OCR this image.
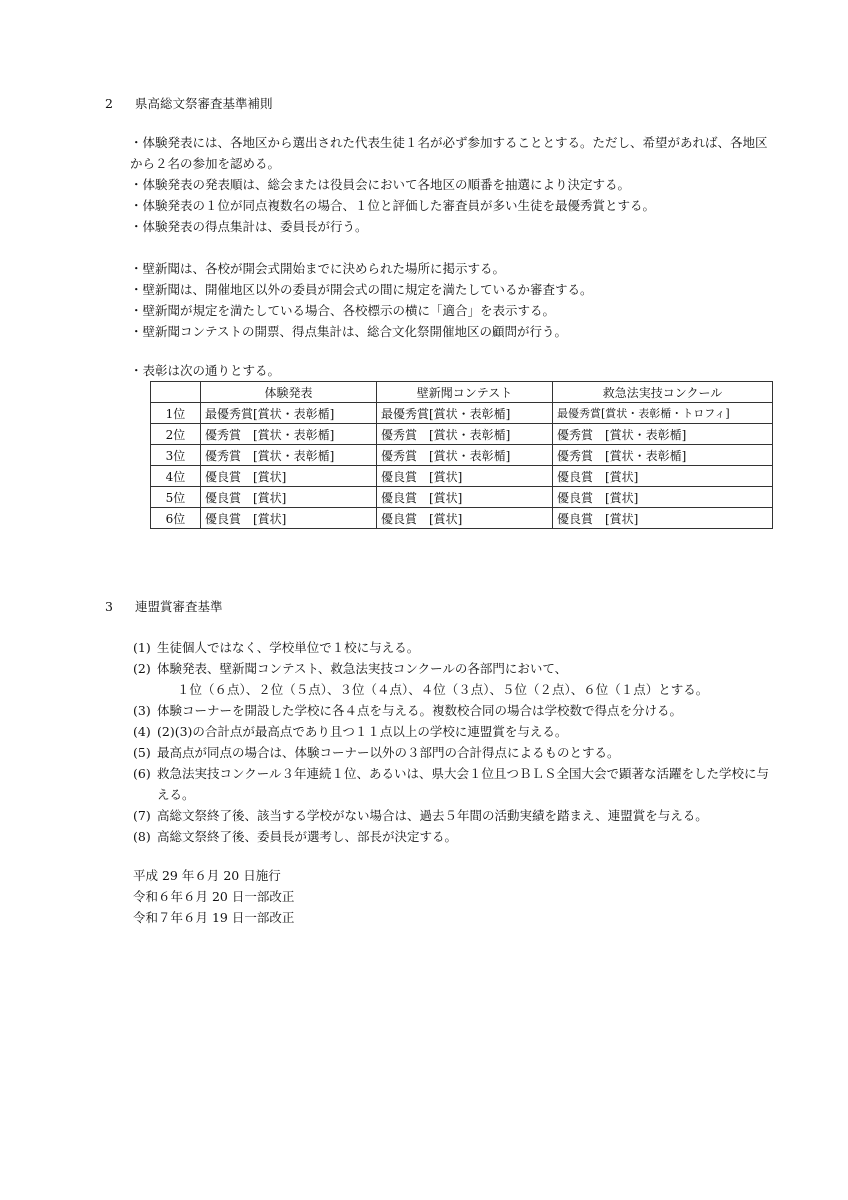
2 県高総文祭審査基準補則
・体験発表には、各地区から選出された代表生徒１名が必ず参加することとする。ただし、希望があれば、各地区から２名の参加を認める。
・体験発表の発表順は、総会または役員会において各地区の順番を抽選により決定する。
・体験発表の１位が同点複数名の場合、１位と評価した審査員が多い生徒を最優秀賞とする。
・体験発表の得点集計は、委員長が行う。
・壁新聞は、各校が開会式開始までに決められた場所に掲示する。
・壁新聞は、開催地区以外の委員が開会式の間に規定を満たしているか審査する。
・壁新聞が規定を満たしている場合、各校標示の横に「適合」を表示する。
・壁新聞コンテストの開票、得点集計は、総合文化祭開催地区の顧問が行う。
・表彰は次の通りとする。
	体験発表	壁新聞コンテスト	救急法実技コンクール
1位	最優秀賞[賞状・表彰楯]	最優秀賞[賞状・表彰楯]	最優秀賞[賞状・表彰楯・トロフィ]
2位	優秀賞　[賞状・表彰楯]	優秀賞　[賞状・表彰楯]	優秀賞　[賞状・表彰楯]
3位	優秀賞　[賞状・表彰楯]	優秀賞　[賞状・表彰楯]	優秀賞　[賞状・表彰楯]
4位	優良賞　[賞状]	優良賞　[賞状]	優良賞　[賞状]
5位	優良賞　[賞状]	優良賞　[賞状]	優良賞　[賞状]
6位	優良賞　[賞状]	優良賞　[賞状]	優良賞　[賞状]
3 連盟賞審査基準
(1) 生徒個人ではなく、学校単位で１校に与える。
(2) 体験発表、壁新聞コンテスト、救急法実技コンクールの各部門において、
１位（６点）、２位（５点）、３位（４点）、４位（３点）、５位（２点）、６位（１点）とする。
(3) 体験コーナーを開設した学校に各４点を与える。複数校合同の場合は学校数で得点を分ける。
(4) (2)(3)の合計点が最高点であり且つ１１点以上の学校に連盟賞を与える。
(5) 最高点が同点の場合は、体験コーナー以外の３部門の合計得点によるものとする。
(6) 救急法実技コンクール３年連続１位、あるいは、県大会１位且つＢＬＳ全国大会で顕著な活躍をした学校に与える。
(7) 高総文祭終了後、該当する学校がない場合は、過去５年間の活動実績を踏まえ、連盟賞を与える。
(8) 高総文祭終了後、委員長が選考し、部長が決定する。
平成 29 年６月 20 日施行
令和６年６月 20 日一部改正
令和７年６月 19 日一部改正
